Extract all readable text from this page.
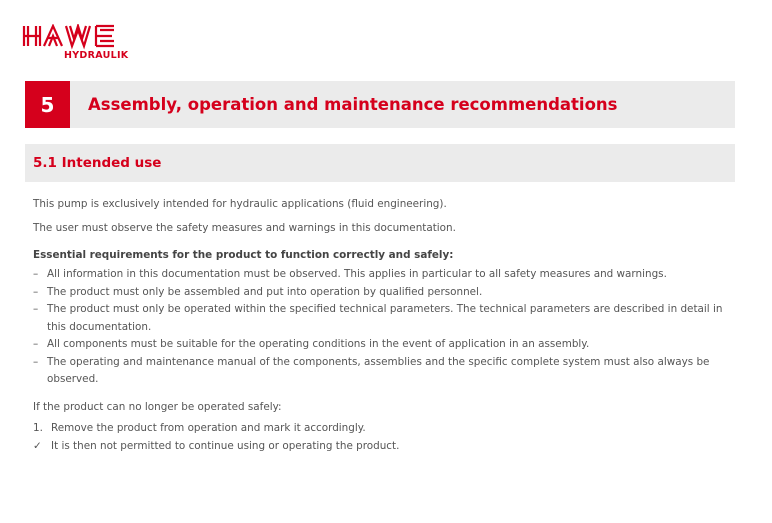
HYDRAULIK
5	Assembly, operation and maintenance recommendations
5.1 Intended use
This pump is exclusively intended for hydraulic applications (fluid engineering).
The user must observe the safety measures and warnings in this documentation.
Essential requirements for the product to function correctly and safely:
– All information in this documentation must be observed. This applies in particular to all safety measures and warnings.
– The product must only be assembled and put into operation by qualified personnel.
– The product must only be operated within the specified technical parameters. The technical parameters are described in detail in this documentation.
– All components must be suitable for the operating conditions in the event of application in an assembly.
– The operating and maintenance manual of the components, assemblies and the specific complete system must also always be observed.
If the product can no longer be operated safely:
1. Remove the product from operation and mark it accordingly.
✓ It is then not permitted to continue using or operating the product.
